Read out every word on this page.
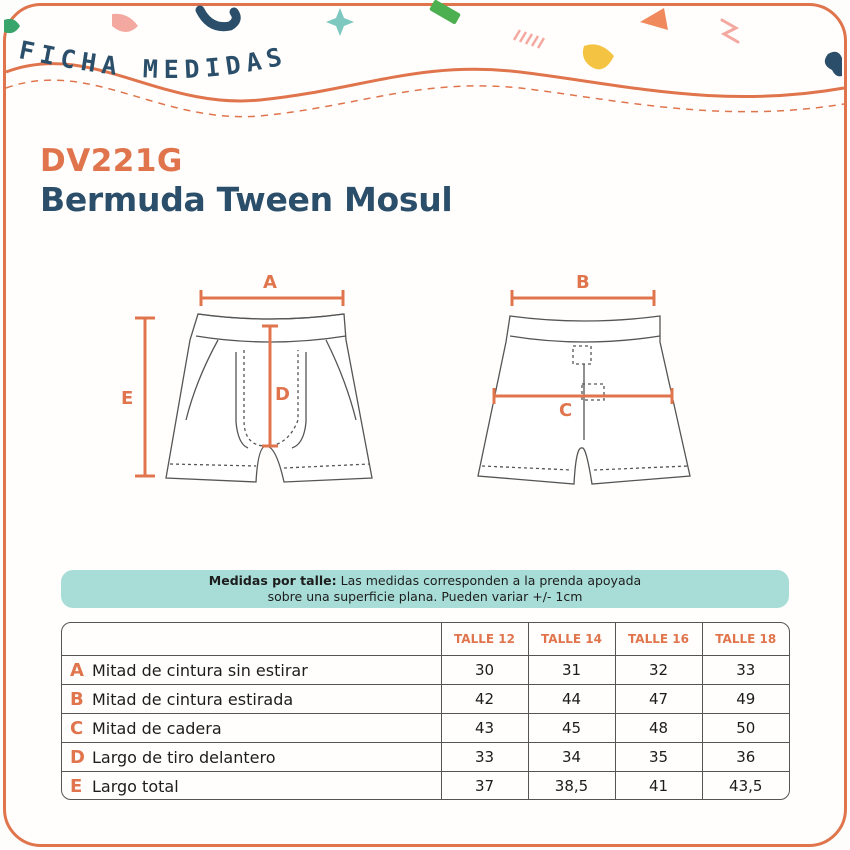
FICHA MEDIDAS
DV221G
Bermuda Tween Mosul
E
A
D
B
C
Medidas por talle: Las medidas corresponden a la prenda apoyada
sobre una superficie plana. Pueden variar +/- 1cm
	TALLE 12	TALLE 14	TALLE 16	TALLE 18
A Mitad de cintura sin estirar	30	31	32	33
B Mitad de cintura estirada	42	44	47	49
C Mitad de cadera	43	45	48	50
D Largo de tiro delantero	33	34	35	36
E Largo total	37	38,5	41	43,5
